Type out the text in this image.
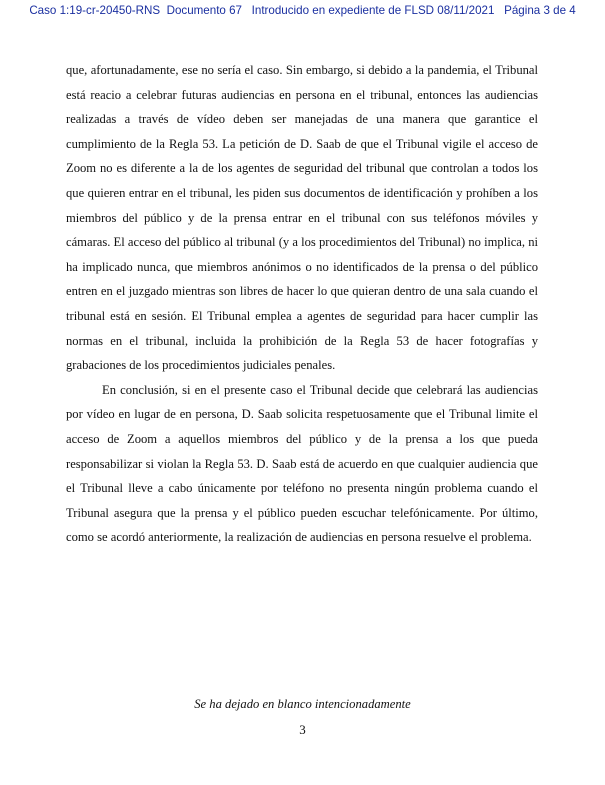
Caso 1:19-cr-20450-RNS Documento 67 Introducido en expediente de FLSD 08/11/2021 Página 3 de 4

que, afortunadamente, ese no sería el caso. Sin embargo, si debido a la pandemia, el Tribunal está reacio a celebrar futuras audiencias en persona en el tribunal, entonces las audiencias realizadas a través de vídeo deben ser manejadas de una manera que garantice el cumplimiento de la Regla 53. La petición de D. Saab de que el Tribunal vigile el acceso de Zoom no es diferente a la de los agentes de seguridad del tribunal que controlan a todos los que quieren entrar en el tribunal, les piden sus documentos de identificación y prohíben a los miembros del público y de la prensa entrar en el tribunal con sus teléfonos móviles y cámaras. El acceso del público al tribunal (y a los procedimientos del Tribunal) no implica, ni ha implicado nunca, que miembros anónimos o no identificados de la prensa o del público entren en el juzgado mientras son libres de hacer lo que quieran dentro de una sala cuando el tribunal está en sesión. El Tribunal emplea a agentes de seguridad para hacer cumplir las normas en el tribunal, incluida la prohibición de la Regla 53 de hacer fotografías y grabaciones de los procedimientos judiciales penales.

En conclusión, si en el presente caso el Tribunal decide que celebrará las audiencias por vídeo en lugar de en persona, D. Saab solicita respetuosamente que el Tribunal limite el acceso de Zoom a aquellos miembros del público y de la prensa a los que pueda responsabilizar si violan la Regla 53. D. Saab está de acuerdo en que cualquier audiencia que el Tribunal lleve a cabo únicamente por teléfono no presenta ningún problema cuando el Tribunal asegura que la prensa y el público pueden escuchar telefónicamente. Por último, como se acordó anteriormente, la realización de audiencias en persona resuelve el problema.

Se ha dejado en blanco intencionadamente
3
